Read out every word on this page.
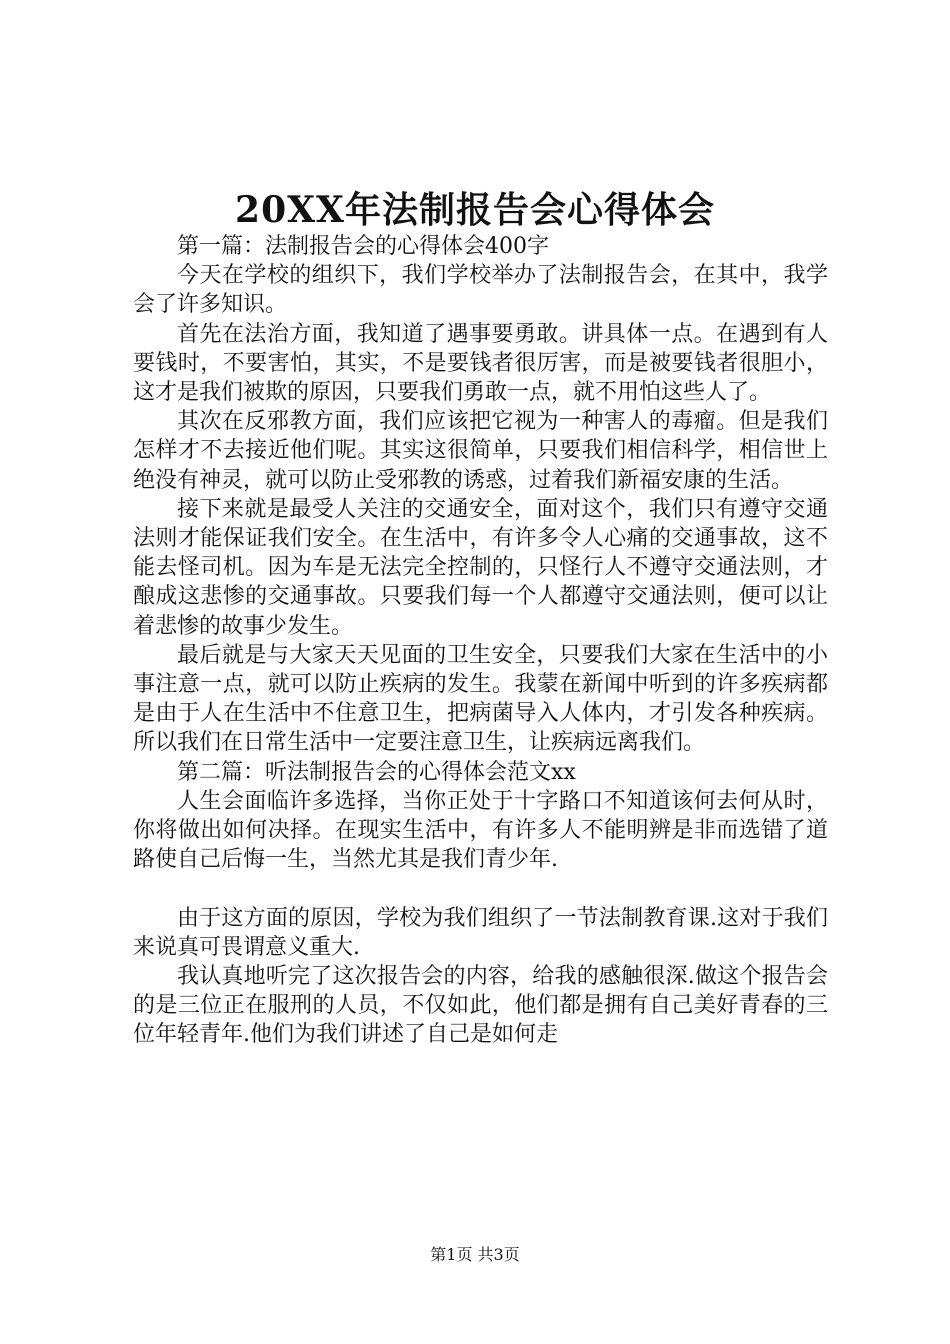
20XX年法制报告会心得体会

第一篇：法制报告会的心得体会400字

今天在学校的组织下，我们学校举办了法制报告会，在其中，我学会了许多知识。

首先在法治方面，我知道了遇事要勇敢。讲具体一点。在遇到有人要钱时，不要害怕，其实，不是要钱者很厉害，而是被要钱者很胆小，这才是我们被欺的原因，只要我们勇敢一点，就不用怕这些人了。

其次在反邪教方面，我们应该把它视为一种害人的毒瘤。但是我们怎样才不去接近他们呢。其实这很简单，只要我们相信科学，相信世上绝没有神灵，就可以防止受邪教的诱惑，过着我们新福安康的生活。

接下来就是最受人关注的交通安全，面对这个，我们只有遵守交通法则才能保证我们安全。在生活中，有许多令人心痛的交通事故，这不能去怪司机。因为车是无法完全控制的，只怪行人不遵守交通法则，才酿成这悲惨的交通事故。只要我们每一个人都遵守交通法则，便可以让着悲惨的故事少发生。

最后就是与大家天天见面的卫生安全，只要我们大家在生活中的小事注意一点，就可以防止疾病的发生。我蒙在新闻中听到的许多疾病都是由于人在生活中不住意卫生，把病菌导入人体内，才引发各种疾病。所以我们在日常生活中一定要注意卫生，让疾病远离我们。

第二篇：听法制报告会的心得体会范文xx

人生会面临许多选择，当你正处于十字路口不知道该何去何从时，你将做出如何决择。在现实生活中，有许多人不能明辨是非而选错了道路使自己后悔一生，当然尤其是我们青少年.

由于这方面的原因，学校为我们组织了一节法制教育课.这对于我们来说真可畏谓意义重大.

我认真地听完了这次报告会的内容，给我的感触很深.做这个报告会的是三位正在服刑的人员，不仅如此，他们都是拥有自己美好青春的三位年轻青年.他们为我们讲述了自己是如何走

第1页 共3页
